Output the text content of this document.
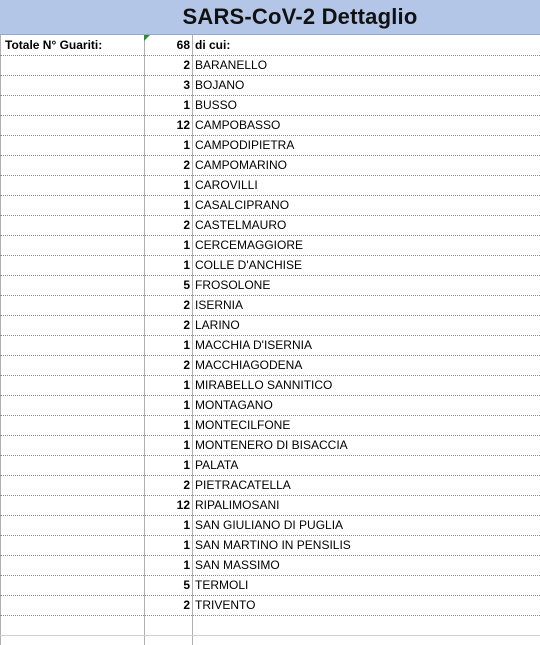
SARS-CoV-2 Dettaglio
Totale N° Guariti:	68 di cui:
2 BARANELLO
3 BOJANO
1 BUSSO
12 CAMPOBASSO
1 CAMPODIPIETRA
2 CAMPOMARINO
1 CAROVILLI
1 CASALCIPRANO
2 CASTELMAURO
1 CERCEMAGGIORE
1 COLLE D'ANCHISE
5 FROSOLONE
2 ISERNIA
2 LARINO
1 MACCHIA D'ISERNIA
2 MACCHIAGODENA
1 MIRABELLO SANNITICO
1 MONTAGANO
1 MONTECILFONE
1 MONTENERO DI BISACCIA
1 PALATA
2 PIETRACATELLA
12 RIPALIMOSANI
1 SAN GIULIANO DI PUGLIA
1 SAN MARTINO IN PENSILIS
1 SAN MASSIMO
5 TERMOLI
2 TRIVENTO
